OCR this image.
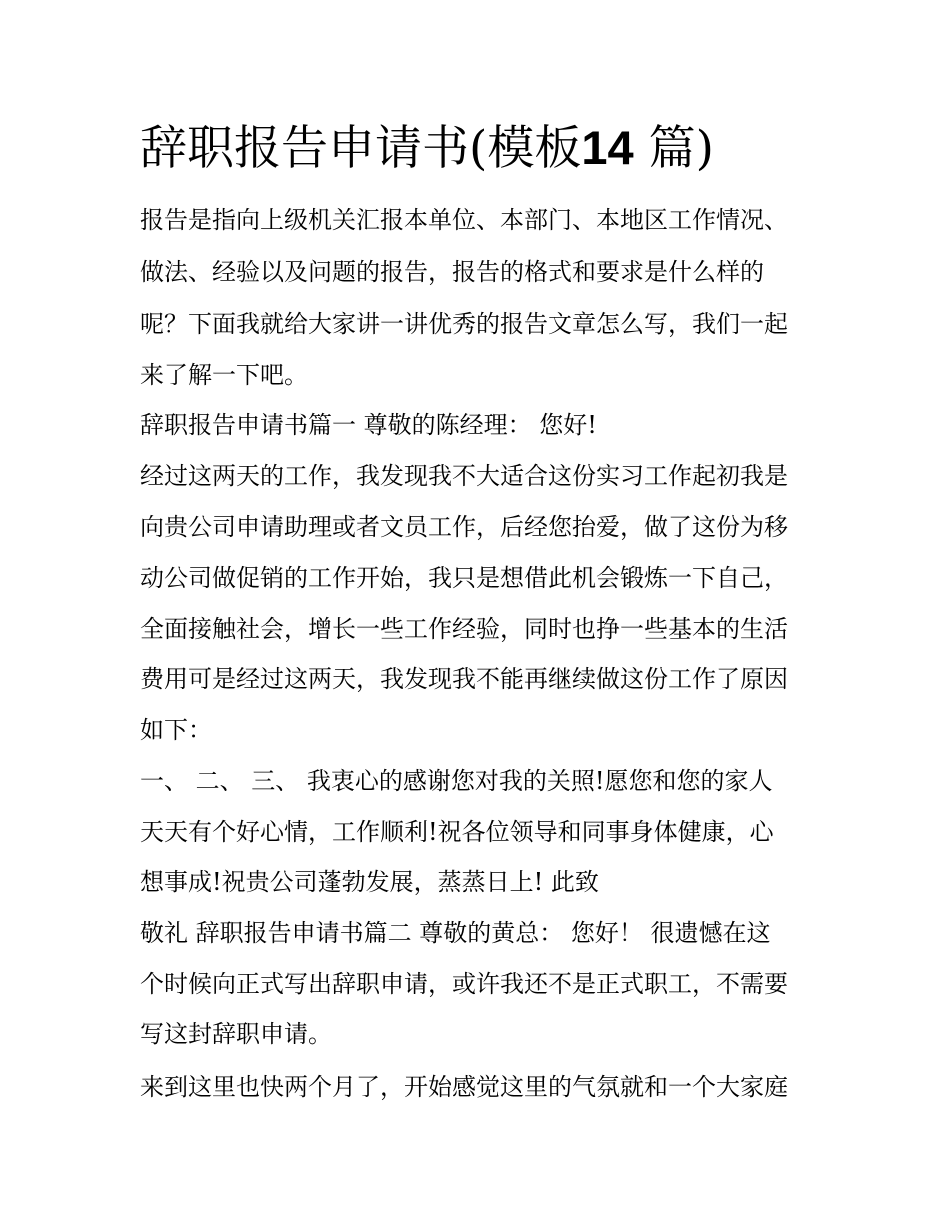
辞职报告申请书(模板14 篇)

报告是指向上级机关汇报本单位、本部门、本地区工作情况、

做法、经验以及问题的报告，报告的格式和要求是什么样的

呢？下面我就给大家讲一讲优秀的报告文章怎么写，我们一起

来了解一下吧。

辞职报告申请书篇一 尊敬的陈经理： 您好!

经过这两天的工作，我发现我不大适合这份实习工作起初我是

向贵公司申请助理或者文员工作，后经您抬爱，做了这份为移

动公司做促销的工作开始，我只是想借此机会锻炼一下自己，

全面接触社会，增长一些工作经验，同时也挣一些基本的生活

费用可是经过这两天，我发现我不能再继续做这份工作了原因

如下：

一、 二、 三、 我衷心的感谢您对我的关照!愿您和您的家人

天天有个好心情，工作顺利!祝各位领导和同事身体健康，心

想事成!祝贵公司蓬勃发展，蒸蒸日上! 此致

敬礼 辞职报告申请书篇二 尊敬的黄总： 您好！ 很遗憾在这

个时候向正式写出辞职申请，或许我还不是正式职工，不需要

写这封辞职申请。

来到这里也快两个月了，开始感觉这里的气氛就和一个大家庭
